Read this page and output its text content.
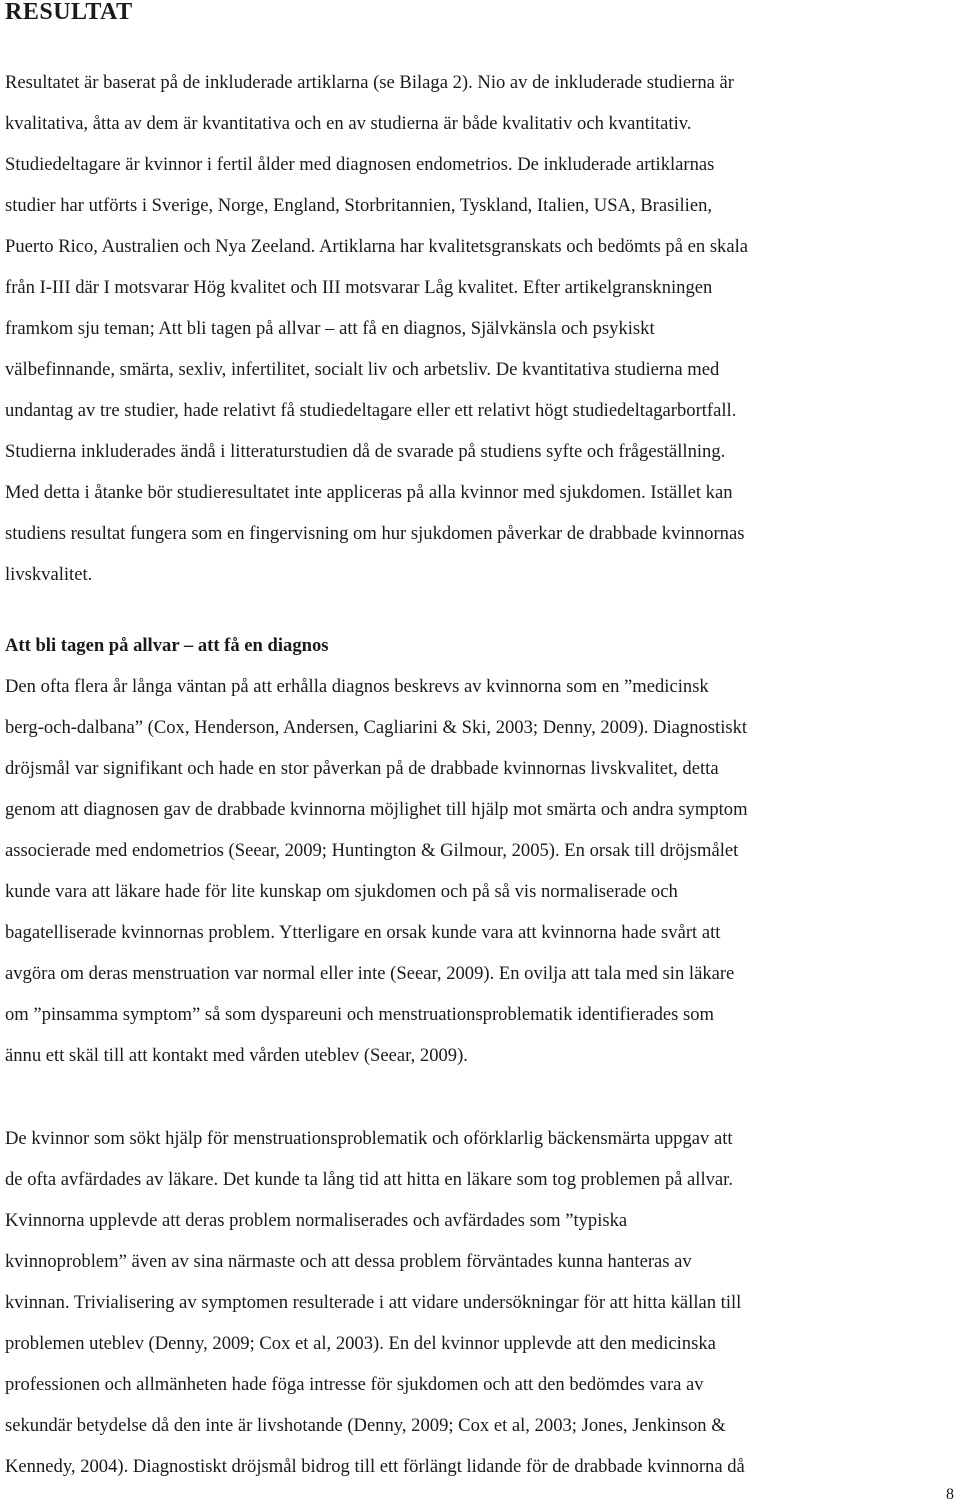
RESULTAT

Resultatet är baserat på de inkluderade artiklarna (se Bilaga 2). Nio av de inkluderade studierna är
kvalitativa, åtta av dem är kvantitativa och en av studierna är både kvalitativ och kvantitativ.
Studiedeltagare är kvinnor i fertil ålder med diagnosen endometrios. De inkluderade artiklarnas
studier har utförts i Sverige, Norge, England, Storbritannien, Tyskland, Italien, USA, Brasilien,
Puerto Rico, Australien och Nya Zeeland. Artiklarna har kvalitetsgranskats och bedömts på en skala
från I-III där I motsvarar Hög kvalitet och III motsvarar Låg kvalitet. Efter artikelgranskningen
framkom sju teman; Att bli tagen på allvar – att få en diagnos, Självkänsla och psykiskt
välbefinnande, smärta, sexliv, infertilitet, socialt liv och arbetsliv. De kvantitativa studierna med
undantag av tre studier, hade relativt få studiedeltagare eller ett relativt högt studiedeltagarbortfall.
Studierna inkluderades ändå i litteraturstudien då de svarade på studiens syfte och frågeställning.
Med detta i åtanke bör studieresultatet inte appliceras på alla kvinnor med sjukdomen. Istället kan
studiens resultat fungera som en fingervisning om hur sjukdomen påverkar de drabbade kvinnornas
livskvalitet.

Att bli tagen på allvar – att få en diagnos

Den ofta flera år långa väntan på att erhålla diagnos beskrevs av kvinnorna som en ”medicinsk
berg-och-dalbana” (Cox, Henderson, Andersen, Cagliarini & Ski, 2003; Denny, 2009). Diagnostiskt
dröjsmål var signifikant och hade en stor påverkan på de drabbade kvinnornas livskvalitet, detta
genom att diagnosen gav de drabbade kvinnorna möjlighet till hjälp mot smärta och andra symptom
associerade med endometrios (Seear, 2009; Huntington & Gilmour, 2005). En orsak till dröjsmålet
kunde vara att läkare hade för lite kunskap om sjukdomen och på så vis normaliserade och
bagatelliserade kvinnornas problem. Ytterligare en orsak kunde vara att kvinnorna hade svårt att
avgöra om deras menstruation var normal eller inte (Seear, 2009). En ovilja att tala med sin läkare
om ”pinsamma symptom” så som dyspareuni och menstruationsproblematik identifierades som
ännu ett skäl till att kontakt med vården uteblev (Seear, 2009).

De kvinnor som sökt hjälp för menstruationsproblematik och oförklarlig bäckensmärta uppgav att
de ofta avfärdades av läkare. Det kunde ta lång tid att hitta en läkare som tog problemen på allvar.
Kvinnorna upplevde att deras problem normaliserades och avfärdades som ”typiska
kvinnoproblem” även av sina närmaste och att dessa problem förväntades kunna hanteras av
kvinnan. Trivialisering av symptomen resulterade i att vidare undersökningar för att hitta källan till
problemen uteblev (Denny, 2009; Cox et al, 2003). En del kvinnor upplevde att den medicinska
professionen och allmänheten hade föga intresse för sjukdomen och att den bedömdes vara av
sekundär betydelse då den inte är livshotande (Denny, 2009; Cox et al, 2003; Jones, Jenkinson &
Kennedy, 2004). Diagnostiskt dröjsmål bidrog till ett förlängt lidande för de drabbade kvinnorna då

8
